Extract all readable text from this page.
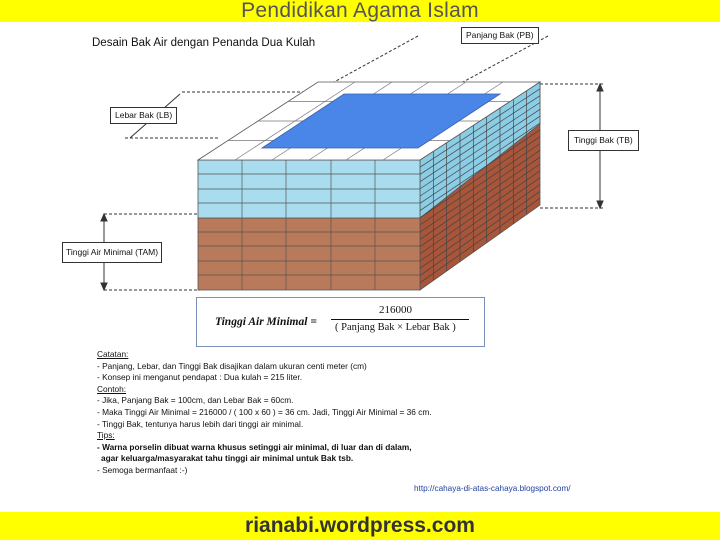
Pendidikan Agama Islam
Desain Bak Air dengan Penanda Dua Kulah
Panjang Bak (PB)
Lebar Bak (LB)
Tinggi Bak (TB)
Tinggi Air Minimal (TAM)
Tinggi Air Minimal =
216000
( Panjang Bak × Lebar Bak )
Catatan:
- Panjang, Lebar, dan Tinggi Bak disajikan dalam ukuran centi meter (cm)
- Konsep ini menganut pendapat : Dua kulah = 215 liter.
Contoh:
- Jika, Panjang Bak = 100cm, dan Lebar Bak = 60cm.
- Maka Tinggi Air Minimal = 216000 / ( 100 x 60 ) = 36 cm. Jadi, Tinggi Air Minimal = 36 cm.
- Tinggi Bak, tentunya harus lebih dari tinggi air minimal.
Tips:
- Warna porselin dibuat warna khusus setinggi air minimal, di luar dan di dalam,
agar keluarga/masyarakat tahu tinggi air minimal untuk Bak tsb.
- Semoga bermanfaat :-)
http://cahaya-di-atas-cahaya.blogspot.com/
rianabi.wordpress.com
